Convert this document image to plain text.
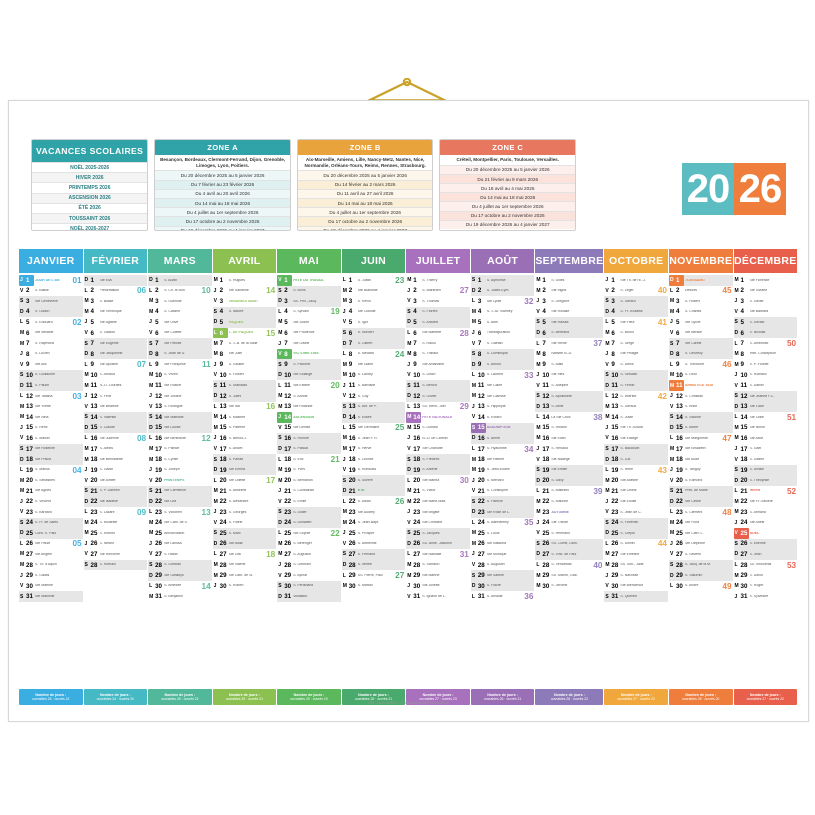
VACANCES SCOLAIRES
NOËL 2025-2026
HIVER 2026
PRINTEMPS 2026
ASCENSION 2026
ÉTÉ 2026
TOUSSAINT 2026
NOËL 2026-2027
ZONE A
Besançon, Bordeaux, Clermont-Ferrand, Dijon, Grenoble, Limoges, Lyon, Poitiers.
Du 20 décembre 2025 au 5 janvier 2026
Du 7 février au 23 février 2026
Du 4 avril au 20 avril 2026
Du 14 mai au 18 mai 2026
Du 4 juillet au 1er septembre 2026
Du 17 octobre au 2 novembre 2026
Du 19 décembre 2026 au 4 janvier 2027
ZONE B
Aix-Marseille, Amiens, Lille, Nancy-Metz, Nantes, Nice, Normandie, Orléans-Tours, Reims, Rennes, Strasbourg.
Du 20 décembre 2025 au 5 janvier 2026
Du 14 février au 2 mars 2026
Du 11 avril au 27 avril 2026
Du 14 mai au 18 mai 2026
Du 4 juillet au 1er septembre 2026
Du 17 octobre au 2 novembre 2026
Du 19 décembre 2026 au 4 janvier 2027
ZONE C
Créteil, Montpellier, Paris, Toulouse, Versailles.
Du 20 décembre 2025 au 5 janvier 2026
Du 21 février au 9 mars 2026
Du 18 avril au 4 mai 2026
Du 14 mai au 18 mai 2026
Du 4 juillet au 1er septembre 2026
Du 17 octobre au 2 novembre 2026
Du 19 décembre 2026 au 4 janvier 2027
20 26
JANVIER
J 1	JOUR DE L'AN	01
V 2	S. Basile
S 3	Ste Geneviève
D 4	S. Odilon
L 5	S. Édouard	02
M 6	Ste Mélaine
M 7	S. Raymond
J 8	S. Lucien
V 9	Ste Alix
S 10 S. Guillaume
D 11 S. Paulin
L 12 Ste Tatiana	03
M 13 Ste Yvette
M 14 Ste Nina
J 15 S. Rémi
V 16 S. Marcel
S 17 Ste Roseline
D 18 Ste Prisca
L 19 S. Marius	04
M 20 S. Sébastien
M 21 Ste Agnès
J 22 S. Vincent
V 23 S. Barnard
S 24 S. Fr. de Sales
D 25 Conv. S. Paul
L 26 Ste Paule	05
M 27 Ste Angèle
M 28 S. Th. d'Aquin
J 29 S. Gildas
V 30 Ste Martine
S 31 Ste Marcelle
Nombre de jours :
ouvrables 26 · ouvrés 22
FÉVRIER
D 1	Ste Ella
L 2	Présentation	06
M 3	S. Blaise
M 4	Ste Véronique
J 5	Ste Agathe
V 6	S. Gaston
S 7	Ste Eugénie
D 8	Ste Jacqueline
L 9	Ste Apolline	07
M 10 S. Arnaud
M 11 N.-D. Lourdes
J 12 S. Félix
V 13 Ste Béatrice
S 14 S. Valentin
D 15 S. Claude
L 16 Ste Julienne	08
M 17 S. Alexis
M 18 Ste Bernadette
J 19 S. Gabin
V 20 Ste Aimée
S 21 S. P. Damien
D 22 Ste Isabelle
L 23 S. Lazare	09
M 24 S. Modeste
M 25 S. Roméo
J 26 S. Nestor
V 27 Ste Honorine
S 28 S. Romain
Nombre de jours :
ouvrables 24 · ouvrés 20
MARS
D 1	S. Aubin
L 2	S. Ch. le Bon	10
M 3	S. Guénolé
M 4	S. Casimir
J 5	Ste Olive
V 6	Ste Colette
S 7	Ste Félicité
D 8	S. Jean de D.
L 9	Ste Françoise	11
M 10 S. Vivien
M 11 Ste Rosine
J 12 Ste Justine
V 13 S. Rodrigue
S 14 Ste Mathilde
D 15 Ste Louise
L 16 Ste Bénédicte	12
M 17 S. Patrice
M 18 S. Cyrille
J 19 S. Joseph
V 20 PRINTEMPS
S 21 Ste Clémence
D 22 Ste Léa
L 23 S. Victorien	13
M 24 Ste Cath. de S.
M 25 Annonciation
J 26 Ste Larissa
V 27 S. Habib
S 28 S. Gontran
D 29 Ste Gwladys
L 30 S. Amédée	14
M 31 S. Benjamin
Nombre de jours :
ouvrables 26 · ouvrés 22
AVRIL
M 1	S. Hugues
J 2	Ste Sandrine	14
V 3	VENDREDI SAINT
S 4	S. Isidore
D 5	PÂQUES
L 6	L. DE PÂQUES	15
M 7	S. J.-B. de la Salle
M 8	Ste Julie
J 9	S. Gautier
V 10 S. Fulbert
S 11 S. Stanislas
D 12 S. Jules
L 13 Ste Ida	16
M 14 S. Maxime
M 15 S. Paterne
J 16 S. Benoît-J.
V 17 S. Anicet
S 18 S. Parfait
D 19 Ste Emma
L 20 Ste Odette	17
M 21 S. Anselme
M 22 S. Alexandre
J 23 S. Georges
V 24 S. Fidèle
S 25 S. Marc
D 26 Ste Alida
L 27 Ste Zita	18
M 28 Ste Valérie
M 29 Ste Cath. de Si.
J 30 S. Robert
Nombre de jours :
ouvrables 25 · ouvrés 21
MAI
V 1	FÊTE DU TRAVAIL
S 2	S. Boris
D 3	SS. Phil., Jacq.
L 4	S. Sylvain	19
M 5	Ste Judith
M 6	Ste Prudence
J 7	Ste Gisèle
V 8	VICTOIRE 1945
S 9	S. Pacôme
D 10 Ste Solange
L 11 Ste Estelle	20
M 12 S. Achille
M 13 Ste Rolande
J 14 ASCENSION
V 15 Ste Denise
S 16 S. Honoré
D 17 S. Pascal
L 18 S. Éric	21
M 19 S. Yves
M 20 S. Bernardin
J 21 S. Constantin
V 22 S. Émile
S 23 S. Didier
D 24 S. Donatien
L 25 Ste Sophie	22
M 26 S. Bérenger
M 27 S. Augustin
J 28 S. Germain
V 29 S. Aymar
S 30 S. Ferdinand
D 31 Visitation
Nombre de jours :
ouvrables 25 · ouvrés 19
JUIN
L 1	S. Justin	23
M 2	Ste Blandine
M 3	S. Kévin
J 4	Ste Clotilde
V 5	S. Igor
S 6	S. Norbert
D 7	S. Gilbert
L 8	S. Médard	24
M 9	Ste Diane
M 10 S. Landry
J 11 S. Barnabé
V 12 S. Guy
S 13 S. Ant. de P.
D 14 S. Élisée
L 15 Ste Germaine	25
M 16 S. Jean F. R.
M 17 S. Hervé
J 18 S. Léonce
V 19 S. Romuald
S 20 S. Silvère
D 21 ÉTÉ
L 22 S. Alban	26
M 23 Ste Audrey
M 24 S. Jean-Bapt.
J 25 S. Prosper
V 26 S. Anthelme
S 27 S. Fernand
D 28 S. Irénée
L 29 SS. Pierre, Paul	27
M 30 S. Martial
Nombre de jours :
ouvrables 26 · ouvrés 21
JUILLET
M 1	S. Thierry
J 2	S. Martinien	27
V 3	S. Thomas
S 4	S. Florent
D 5	S. Antoine
L 6	Ste Mariette	28
M 7	S. Raoul
M 8	S. Thibaut
J 9	Ste Amandine
V 10 S. Ulrich
S 11 S. Benoît
D 12 S. Olivier
L 13 SS. Henri, Joël	29
M 14 FÊTE NATIONALE
M 15 S. Donald
J 16 N.-D. Mt Carmel
V 17 Ste Charlotte
S 18 S. Frédéric
D 19 S. Arsène
L 20 Ste Marina	30
M 21 S. Victor
M 22 Ste Marie-Mad.
J 23 Ste Brigitte
V 24 Ste Christine
S 25 S. Jacques
D 26 SS. Anne, Joachim
L 27 Ste Nathalie	31
M 28 S. Samson
M 29 Ste Marthe
J 30 Ste Juliette
V 31 S. Ignace de L.
Nombre de jours :
ouvrables 27 · ouvrés 23
AOÛT
S 1	S. Alphonse
D 2	S. Julien-Eym.
L 3	Ste Lydie	32
M 4	S. J.-M. Vianney
M 5	S. Abel
J 6	Transfiguration
V 7	S. Gaétan
S 8	S. Dominique
D 9	S. Amour
L 10 S. Laurent	33
M 11 Ste Claire
M 12 Ste Clarisse
J 13 S. Hippolyte
V 14 S. Évrard
S 15 ASSOMPTION
D 16 S. Armel
L 17 S. Hyacinthe	34
M 18 Ste Hélène
M 19 S. Jean-Eudes
J 20 S. Bernard
V 21 S. Christophe
S 22 S. Fabrice
D 23 Ste Rose de L.
L 24 S. Barthélemy	35
M 25 S. Louis
M 26 Ste Natacha
J 27 Ste Monique
V 28 S. Augustin
S 29 Ste Sabine
D 30 S. Fiacre
L 31 S. Aristide	36
Nombre de jours :
ouvrables 26 · ouvrés 21
SEPTEMBRE
M 1	S. Gilles
M 2	Ste Ingrid
J 3	S. Grégoire
V 4	Ste Rosalie
S 5	Ste Raïssa
D 6	S. Bertrand
L 7	Ste Reine	37
M 8	Nativité N.-D.
M 9	S. Alain
J 10 Ste Inès
V 11 S. Adelphe
S 12 S. Apollinaire
D 13 S. Aimé
L 14 La Ste Croix	38
M 15 S. Roland
M 16 Ste Édith
J 17 S. Renaud
V 18 Ste Nadège
S 19 Ste Émilie
D 20 S. Davy
L 21 S. Matthieu	39
M 22 S. Maurice
M 23 AUTOMNE
J 24 Ste Thècle
V 25 S. Hermann
S 26 SS. Côme, Dam.
D 27 S. Vinc. de Paul
L 28 S. Venceslas	40
M 29 SS. Michel, Gab.
M 30 S. Jérôme
Nombre de jours :
ouvrables 26 · ouvrés 22
OCTOBRE
J 1	Ste Th. de l'E.-J.
V 2	S. Léger	40
S 3	S. Gérard
D 4	S. Fr. d'Assise
L 5	Ste Fleur	41
M 6	S. Bruno
M 7	S. Serge
J 8	Ste Pélagie
V 9	S. Denis
S 10 S. Ghislain
D 11 S. Firmin
L 12 S. Wilfried	42
M 13 S. Géraud
M 14 S. Juste
J 15 Ste Th. d'Avila
V 16 Ste Edwige
S 17 S. Baudouin
D 18 S. Luc
L 19 S. René	43
M 20 Ste Adeline
M 21 Ste Céline
J 22 Ste Élodie
V 23 S. Jean de C.
S 24 S. Florentin
D 25 S. Crépin
L 26 S. Dimitri	44
M 27 Ste Émeline
M 28 SS. Sim., Jude
J 29 S. Narcisse
V 30 Ste Bienvenue
S 31 S. Quentin
Nombre de jours :
ouvrables 27 · ouvrés 22
NOVEMBRE
D 1	TOUSSAINT
L 2	Défunts	45
M 3	S. Hubert
M 4	S. Charles
J 5	Ste Sylvie
V 6	Ste Bertille
S 7	Ste Carine
D 8	S. Geoffroy
L 9	S. Théodore	46
M 10 S. Léon
M 11 ARMISTICE 1918
J 12 S. Christian
V 13 S. Brice
S 14 S. Sidoine
D 15 S. Albert
L 16 Ste Marguerite	47
M 17 Ste Élisabeth
M 18 Ste Aude
J 19 S. Tanguy
V 20 S. Edmond
S 21 Prés. de Marie
D 22 Ste Cécile
L 23 S. Clément	48
M 24 Ste Flora
M 25 Ste Cath. L.
J 26 Ste Delphine
V 27 S. Séverin
S 28 S. Jacq. de la M.
D 29 S. Saturnin
L 30 S. André	49
Nombre de jours :
ouvrables 25 · ouvrés 20
DÉCEMBRE
M 1	Ste Florence
M 2	Ste Viviane
J 3	S. Xavier
V 4	Ste Barbara
S 5	S. Gérald
D 6	S. Nicolas
L 7	S. Ambroise	50
M 8	Imm. Conception
M 9	S. P. Fourier
J 10 S. Romaric
V 11 S. Daniel
S 12 Ste Jeanne F.C.
D 13 Ste Lucie
L 14 Ste Odile	51
M 15 Ste Ninon
M 16 Ste Alice
J 17 S. Gaël
V 18 S. Gatien
S 19 S. Urbain
D 20 S. Théophile
L 21 HIVER	52
M 22 Ste Fr.-Xavière
M 23 S. Armand
J 24 Ste Adèle
V 25 NOËL
S 26 S. Étienne
D 27 S. Jean
L 28 SS. Innocents	53
M 29 S. David
M 30 S. Roger
J 31 S. Sylvestre
Nombre de jours :
ouvrables 27 · ouvrés 22
RÉF. CALENDRIER — © Lavoro/FranÇais Éditions/2025
